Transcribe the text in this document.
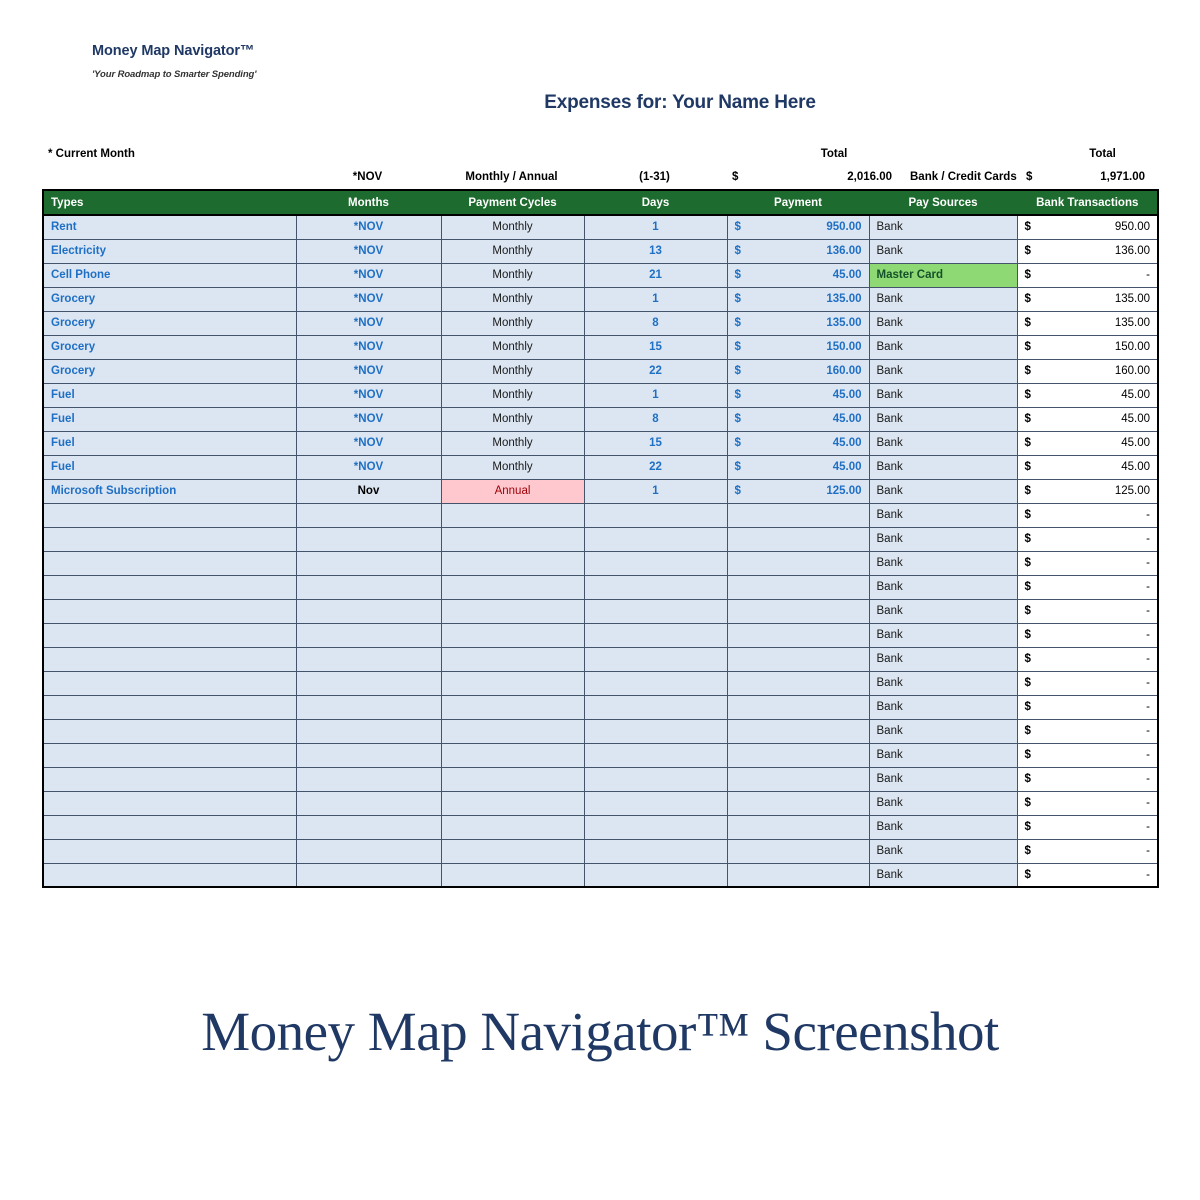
Money Map Navigator™
'Your Roadmap to Smarter Spending'
Expenses for: Your Name Here
* Current Month					Total			Total
	*NOV	Monthly / Annual	(1-31)	$	2,016.00	Bank / Credit Cards	$	1,971.00
Types	Months	Payment Cycles	Days	Payment	Pay Sources	Bank Transactions
Rent	*NOV	Monthly	1	$ 950.00	Bank	$ 950.00
Electricity	*NOV	Monthly	13	$ 136.00	Bank	$ 136.00
Cell Phone	*NOV	Monthly	21	$ 45.00	Master Card	$ -
Grocery	*NOV	Monthly	1	$ 135.00	Bank	$ 135.00
Grocery	*NOV	Monthly	8	$ 135.00	Bank	$ 135.00
Grocery	*NOV	Monthly	15	$ 150.00	Bank	$ 150.00
Grocery	*NOV	Monthly	22	$ 160.00	Bank	$ 160.00
Fuel	*NOV	Monthly	1	$ 45.00	Bank	$ 45.00
Fuel	*NOV	Monthly	8	$ 45.00	Bank	$ 45.00
Fuel	*NOV	Monthly	15	$ 45.00	Bank	$ 45.00
Fuel	*NOV	Monthly	22	$ 45.00	Bank	$ 45.00
Microsoft Subscription	Nov	Annual	1	$ 125.00	Bank	$ 125.00
					Bank	$ -
					Bank	$ -
					Bank	$ -
					Bank	$ -
					Bank	$ -
					Bank	$ -
					Bank	$ -
					Bank	$ -
					Bank	$ -
					Bank	$ -
					Bank	$ -
					Bank	$ -
					Bank	$ -
					Bank	$ -
					Bank	$ -
					Bank	$ -
Money Map Navigator™ Screenshot
